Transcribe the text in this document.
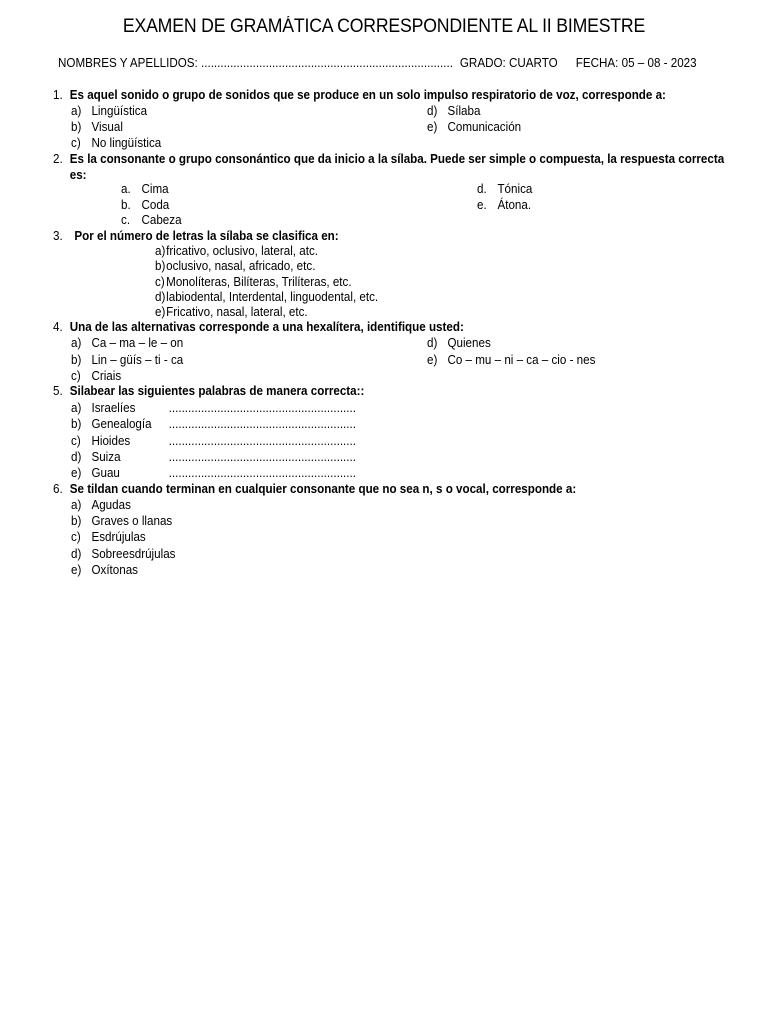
EXAMEN DE GRAMÁTICA CORRESPONDIENTE AL II BIMESTRE
NOMBRES Y APELLIDOS: .............................................................................. GRADO: CUARTO FECHA: 05 – 08 - 2023
1. Es aquel sonido o grupo de sonidos que se produce en un solo impulso respiratorio de voz, corresponde a:
a) Lingüística
b) Visual
c) No lingüística
d) Sílaba
e) Comunicación
2. Es la consonante o grupo consonántico que da inicio a la sílaba. Puede ser simple o compuesta, la respuesta correcta
es:
a. Cima
b. Coda
c. Cabeza
d. Tónica
e. Átona.
3. Por el número de letras la sílaba se clasifica en:
a)fricativo, oclusivo, lateral, atc.
b)oclusivo, nasal, africado, etc.
c)Monolíteras, Bilíteras, Trilíteras, etc.
d)labiodental, Interdental, linguodental, etc.
e)Fricativo, nasal, lateral, etc.
4. Una de las alternativas corresponde a una hexalítera, identifique usted:
a) Ca – ma – le – on
b) Lin – güís – ti - ca
c) Criais
d) Quienes
e) Co – mu – ni – ca – cio - nes
5. Silabear las siguientes palabras de manera correcta::
a) Israelíes	..........................................................
b) Genealogía ..........................................................
c) Hioides	..........................................................
d) Suiza	..........................................................
e) Guau	..........................................................
6. Se tildan cuando terminan en cualquier consonante que no sea n, s o vocal, corresponde a:
a) Agudas
b) Graves o llanas
c) Esdrújulas
d) Sobreesdrújulas
e) Oxítonas
